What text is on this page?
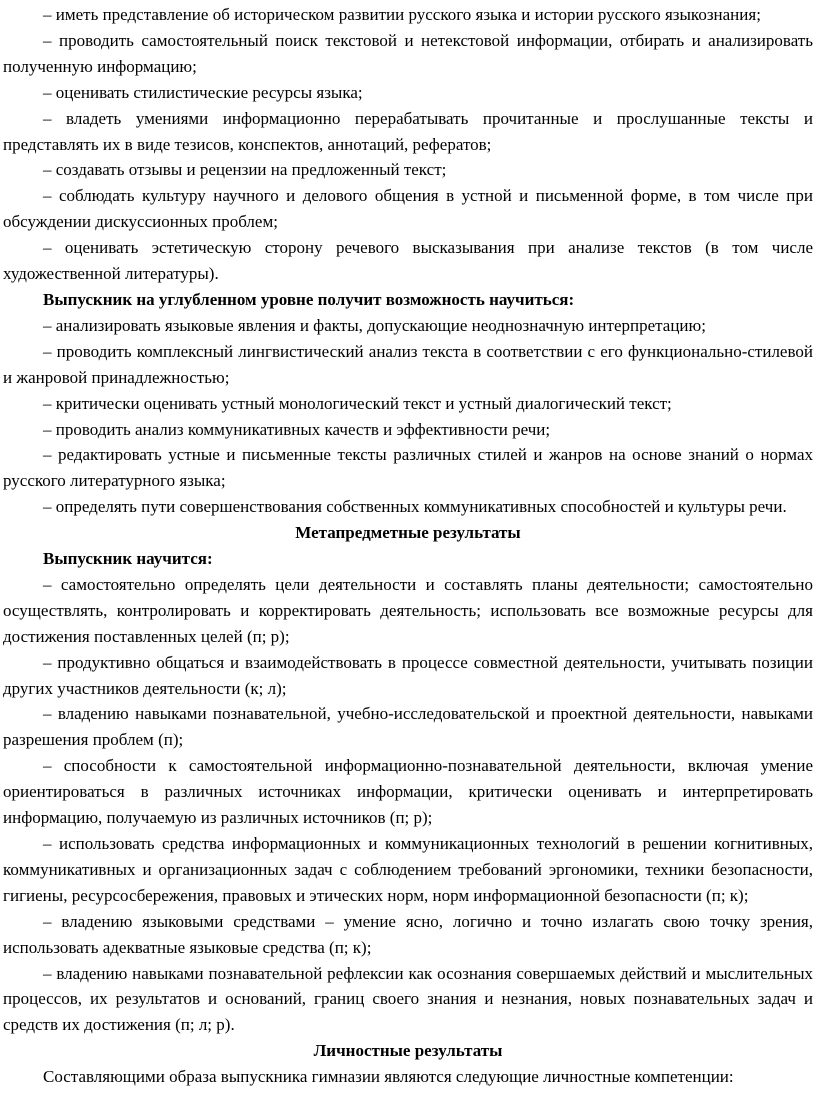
– иметь представление об историческом развитии русского языка и истории русского языкознания;

– проводить самостоятельный поиск текстовой и нетекстовой информации, отбирать и анализировать полученную информацию;

– оценивать стилистические ресурсы языка;

– владеть умениями информационно перерабатывать прочитанные и прослушанные тексты и представлять их в виде тезисов, конспектов, аннотаций, рефератов;

– создавать отзывы и рецензии на предложенный текст;

– соблюдать культуру научного и делового общения в устной и письменной форме, в том числе при обсуждении дискуссионных проблем;

– оценивать эстетическую сторону речевого высказывания при анализе текстов (в том числе художественной литературы).

Выпускник на углубленном уровне получит возможность научиться:

– анализировать языковые явления и факты, допускающие неоднозначную интерпретацию;

– проводить комплексный лингвистический анализ текста в соответствии с его функционально-стилевой и жанровой принадлежностью;

– критически оценивать устный монологический текст и устный диалогический текст;

– проводить анализ коммуникативных качеств и эффективности речи;

– редактировать устные и письменные тексты различных стилей и жанров на основе знаний о нормах русского литературного языка;

– определять пути совершенствования собственных коммуникативных способностей и культуры речи.

Метапредметные результаты

Выпускник научится:

– самостоятельно определять цели деятельности и составлять планы деятельности; самостоятельно осуществлять, контролировать и корректировать деятельность; использовать все возможные ресурсы для достижения поставленных целей (п; р);

– продуктивно общаться и взаимодействовать в процессе совместной деятельности, учитывать позиции других участников деятельности (к; л);

– владению навыками познавательной, учебно-исследовательской и проектной деятельности, навыками разрешения проблем (п);

– способности к самостоятельной информационно-познавательной деятельности, включая умение ориентироваться в различных источниках информации, критически оценивать и интерпретировать информацию, получаемую из различных источников (п; р);

– использовать средства информационных и коммуникационных технологий в решении когнитивных, коммуникативных и организационных задач с соблюдением требований эргономики, техники безопасности, гигиены, ресурсосбережения, правовых и этических норм, норм информационной безопасности (п; к);

– владению языковыми средствами – умение ясно, логично и точно излагать свою точку зрения, использовать адекватные языковые средства (п; к);

– владению навыками познавательной рефлексии как осознания совершаемых действий и мыслительных процессов, их результатов и оснований, границ своего знания и незнания, новых познавательных задач и средств их достижения (п; л; р).

Личностные результаты

Составляющими образа выпускника гимназии являются следующие личностные компетенции:
